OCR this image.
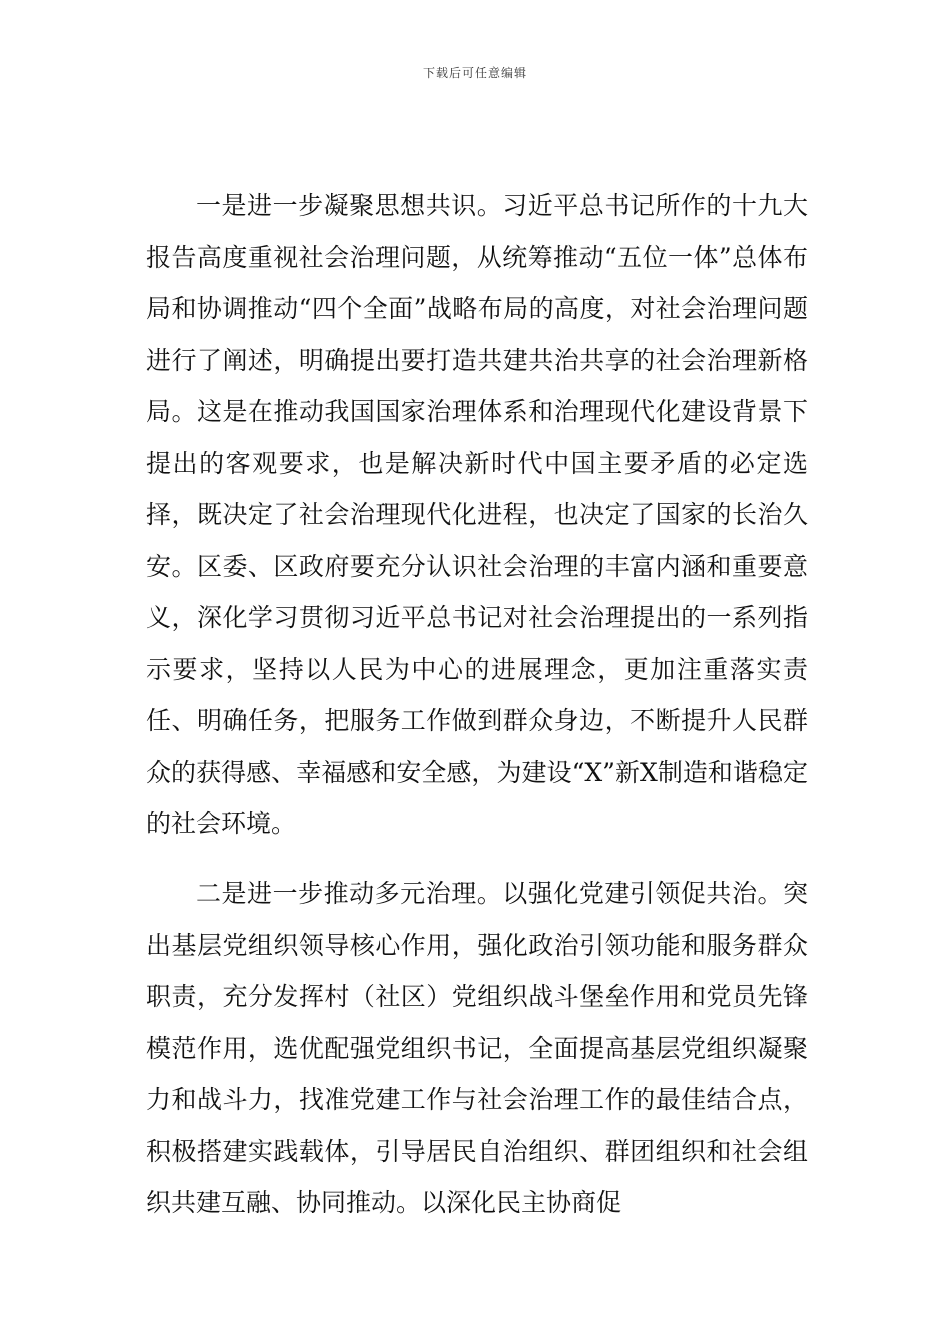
下载后可任意编辑

一是进一步凝聚思想共识。习近平总书记所作的十九大报告高度重视社会治理问题，从统筹推动“五位一体”总体布局和协调推动“四个全面”战略布局的高度，对社会治理问题进行了阐述，明确提出要打造共建共治共享的社会治理新格局。这是在推动我国国家治理体系和治理现代化建设背景下提出的客观要求，也是解决新时代中国主要矛盾的必定选择，既决定了社会治理现代化进程，也决定了国家的长治久安。区委、区政府要充分认识社会治理的丰富内涵和重要意义，深化学习贯彻习近平总书记对社会治理提出的一系列指示要求，坚持以人民为中心的进展理念，更加注重落实责任、明确任务，把服务工作做到群众身边，不断提升人民群众的获得感、幸福感和安全感，为建设“X”新X制造和谐稳定的社会环境。

二是进一步推动多元治理。以强化党建引领促共治。突出基层党组织领导核心作用，强化政治引领功能和服务群众职责，充分发挥村（社区）党组织战斗堡垒作用和党员先锋模范作用，选优配强党组织书记，全面提高基层党组织凝聚力和战斗力，找准党建工作与社会治理工作的最佳结合点，积极搭建实践载体，引导居民自治组织、群团组织和社会组织共建互融、协同推动。以深化民主协商促
